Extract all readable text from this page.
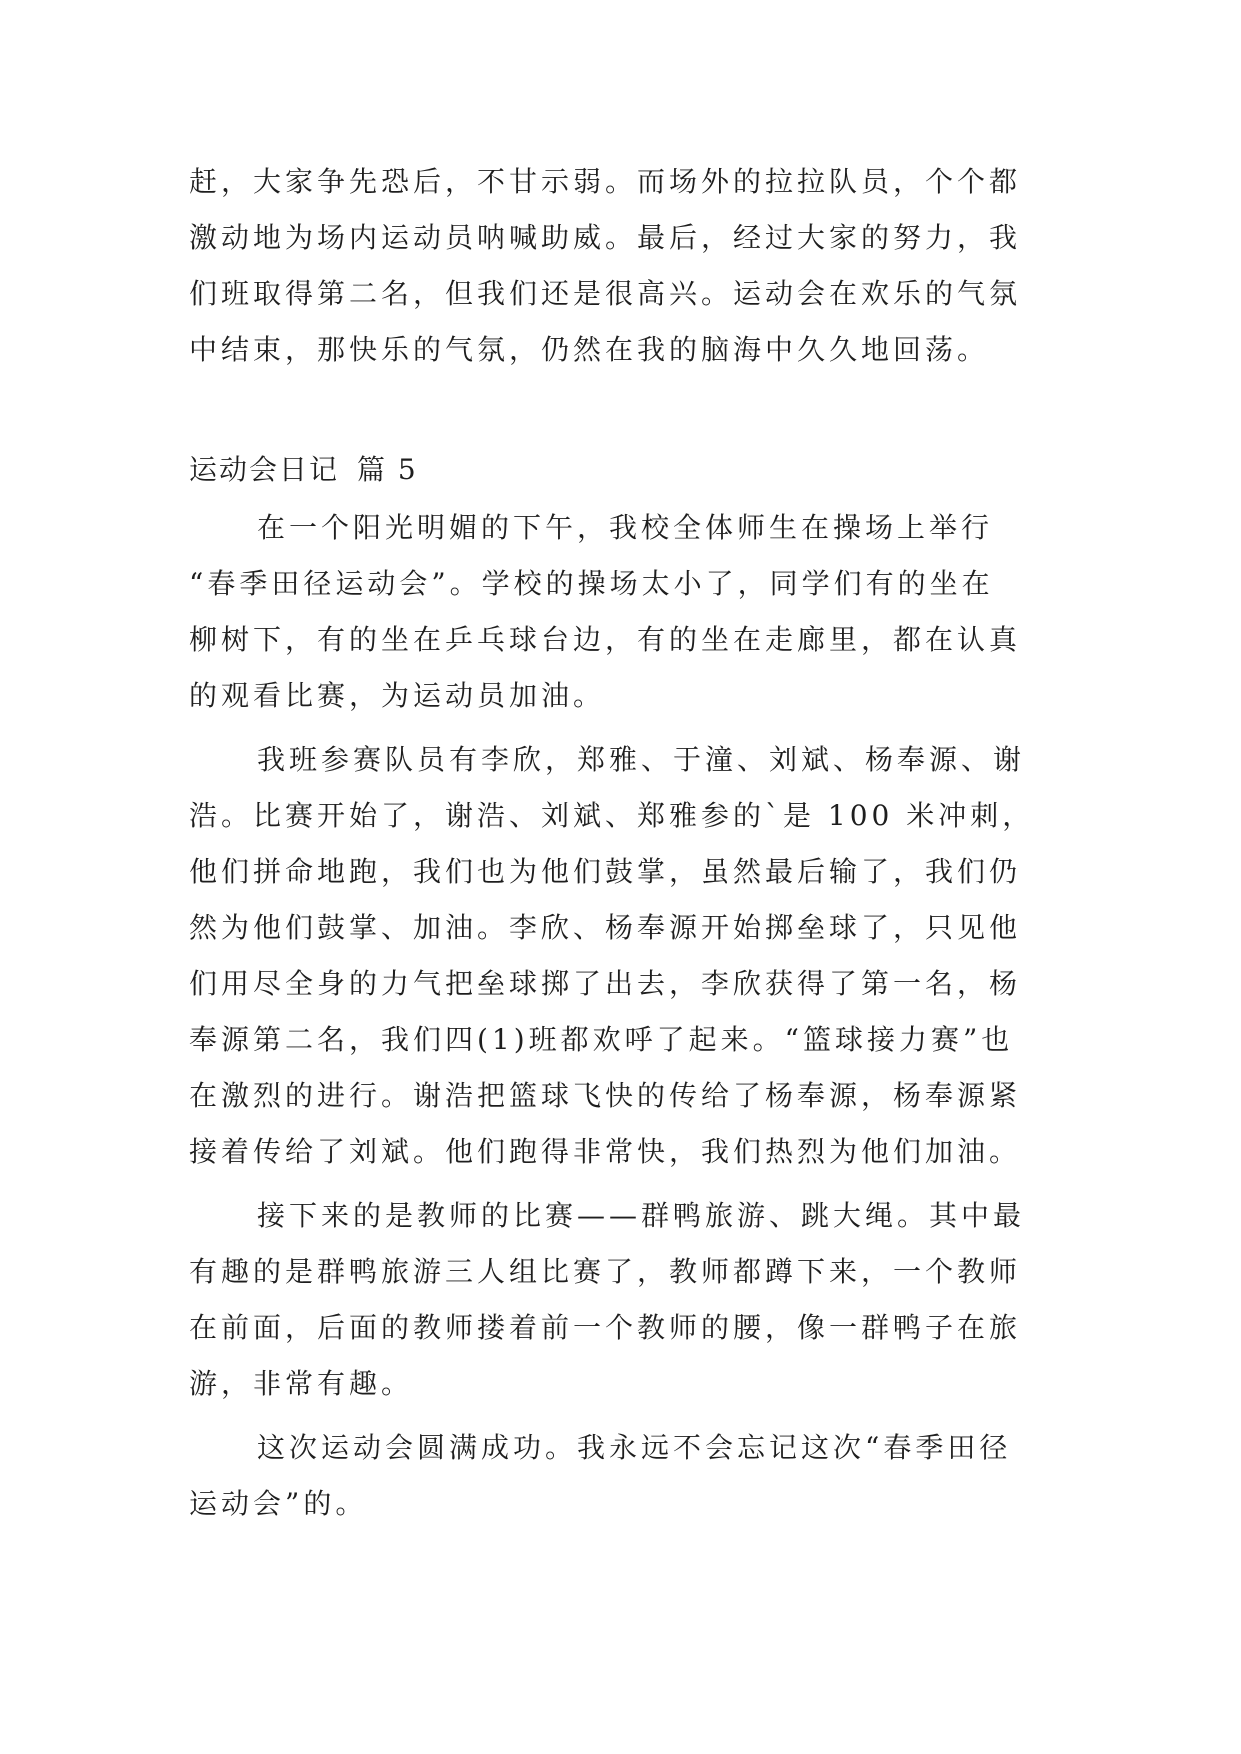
赶，大家争先恐后，不甘示弱。而场外的拉拉队员，个个都
激动地为场内运动员呐喊助威。最后，经过大家的努力，我
们班取得第二名，但我们还是很高兴。运动会在欢乐的气氛
中结束，那快乐的气氛，仍然在我的脑海中久久地回荡。
运动会日记 篇 5
在一个阳光明媚的下午，我校全体师生在操场上举行
“春季田径运动会”。学校的操场太小了，同学们有的坐在
柳树下，有的坐在乒乓球台边，有的坐在走廊里，都在认真
的观看比赛，为运动员加油。
我班参赛队员有李欣，郑雅、于潼、刘斌、杨奉源、谢
浩。比赛开始了，谢浩、刘斌、郑雅参的`是 100 米冲刺，
他们拼命地跑，我们也为他们鼓掌，虽然最后输了，我们仍
然为他们鼓掌、加油。李欣、杨奉源开始掷垒球了，只见他
们用尽全身的力气把垒球掷了出去，李欣获得了第一名，杨
奉源第二名，我们四(1)班都欢呼了起来。“篮球接力赛”也
在激烈的进行。谢浩把篮球飞快的传给了杨奉源，杨奉源紧
接着传给了刘斌。他们跑得非常快，我们热烈为他们加油。
接下来的是教师的比赛——群鸭旅游、跳大绳。其中最
有趣的是群鸭旅游三人组比赛了，教师都蹲下来，一个教师
在前面，后面的教师搂着前一个教师的腰，像一群鸭子在旅
游，非常有趣。
这次运动会圆满成功。我永远不会忘记这次“春季田径
运动会”的。
